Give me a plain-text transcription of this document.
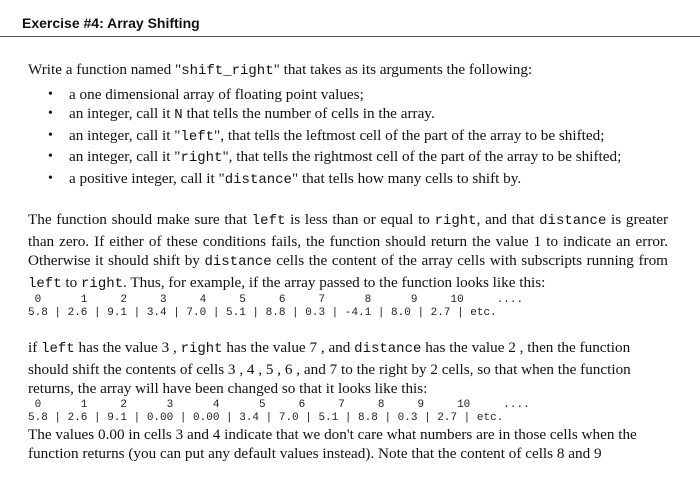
Exercise #4: Array Shifting

Write a function named "shift_right" that takes as its arguments the following:

• a one dimensional array of floating point values;
• an integer, call it N that tells the number of cells in the array.
• an integer, call it "left", that tells the leftmost cell of the part of the array to be shifted;
• an integer, call it "right", that tells the rightmost cell of the part of the array to be shifted;
• a positive integer, call it "distance" that tells how many cells to shift by.

The function should make sure that left is less than or equal to right, and that distance is greater than zero. If either of these conditions fails, the function should return the value 1 to indicate an error. Otherwise it should shift by distance cells the content of the array cells with subscripts running from left to right. Thus, for example, if the array passed to the function looks like this:

0      1     2     3     4     5     6     7      8      9     10     ....
5.8 | 2.6 | 9.1 | 3.4 | 7.0 | 5.1 | 8.8 | 0.3 | -4.1 | 8.0 | 2.7 | etc.

if left has the value 3 , right has the value 7 , and distance has the value 2 , then the function should shift the contents of cells 3 , 4 , 5 , 6 , and 7 to the right by 2 cells, so that when the function returns, the array will have been changed so that it looks like this:

0      1     2      3      4      5     6     7     8     9     10     ....
5.8 | 2.6 | 9.1 | 0.00 | 0.00 | 3.4 | 7.0 | 5.1 | 8.8 | 0.3 | 2.7 | etc.

The values 0.00 in cells 3 and 4 indicate that we don't care what numbers are in those cells when the function returns (you can put any default values instead). Note that the content of cells 8 and 9
